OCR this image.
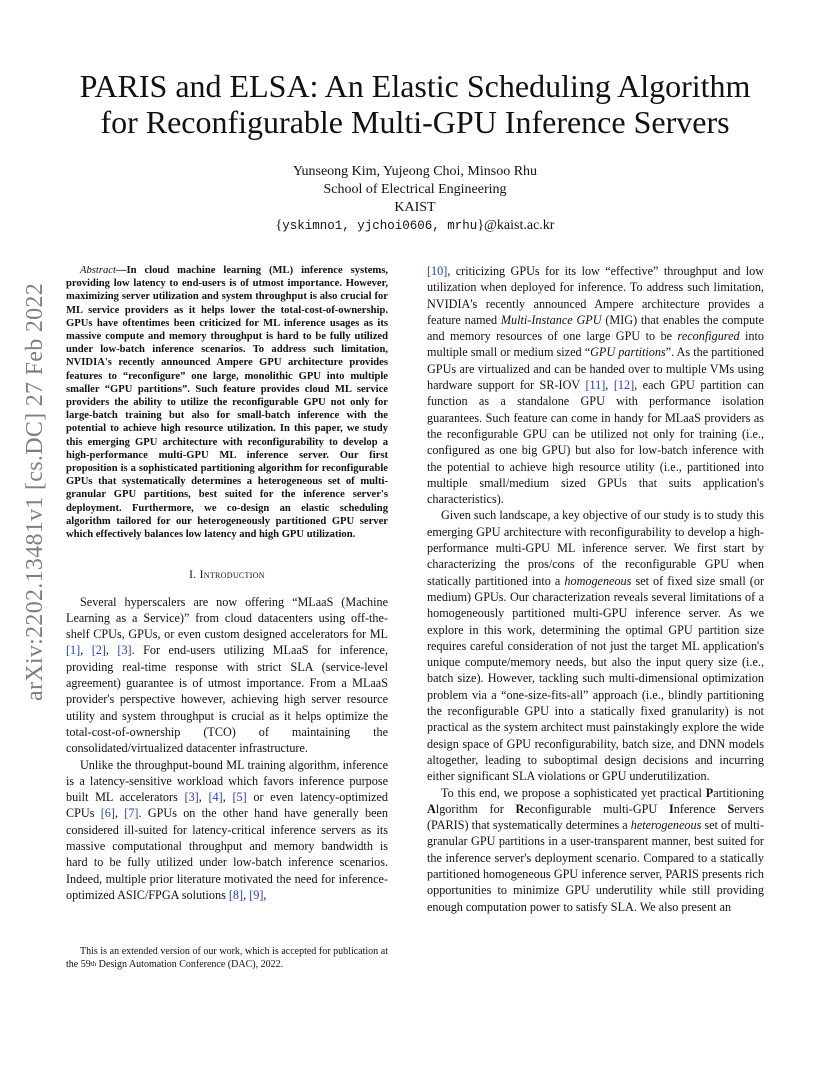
arXiv:2202.13481v1 [cs.DC] 27 Feb 2022
PARIS and ELSA: An Elastic Scheduling Algorithm
for Reconfigurable Multi-GPU Inference Servers
Yunseong Kim, Yujeong Choi, Minsoo Rhu
School of Electrical Engineering
KAIST
{yskimno1, yjchoi0606, mrhu}@kaist.ac.kr

Abstract—In cloud machine learning (ML) inference systems, providing low latency to end-users is of utmost importance. However, maximizing server utilization and system throughput is also crucial for ML service providers as it helps lower the total-cost-of-ownership. GPUs have oftentimes been criticized for ML inference usages as its massive compute and memory throughput is hard to be fully utilized under low-batch inference scenarios. To address such limitation, NVIDIA's recently announced Ampere GPU architecture provides features to “reconfigure” one large, monolithic GPU into multiple smaller “GPU partitions”. Such feature provides cloud ML service providers the ability to utilize the reconfigurable GPU not only for large-batch training but also for small-batch inference with the potential to achieve high resource utilization. In this paper, we study this emerging GPU architecture with reconfigurability to develop a high-performance multi-GPU ML inference server. Our first proposition is a sophisticated partitioning algorithm for reconfigurable GPUs that systematically determines a heterogeneous set of multi-granular GPU partitions, best suited for the inference server's deployment. Furthermore, we co-design an elastic scheduling algorithm tailored for our heterogeneously partitioned GPU server which effectively balances low latency and high GPU utilization.

I. Introduction

Several hyperscalers are now offering “MLaaS (Machine Learning as a Service)” from cloud datacenters using off-the-shelf CPUs, GPUs, or even custom designed accelerators for ML [1], [2], [3]. For end-users utilizing MLaaS for inference, providing real-time response with strict SLA (service-level agreement) guarantee is of utmost importance. From a MLaaS provider's perspective however, achieving high server resource utility and system throughput is crucial as it helps optimize the total-cost-of-ownership (TCO) of maintaining the consolidated/virtualized datacenter infrastructure.

Unlike the throughput-bound ML training algorithm, inference is a latency-sensitive workload which favors inference purpose built ML accelerators [3], [4], [5] or even latency-optimized CPUs [6], [7]. GPUs on the other hand have generally been considered ill-suited for latency-critical inference servers as its massive computational throughput and memory bandwidth is hard to be fully utilized under low-batch inference scenarios. Indeed, multiple prior literature motivated the need for inference-optimized ASIC/FPGA solutions [8], [9],

This is an extended version of our work, which is accepted for publication at the 59th Design Automation Conference (DAC), 2022.

[10], criticizing GPUs for its low “effective” throughput and low utilization when deployed for inference. To address such limitation, NVIDIA's recently announced Ampere architecture provides a feature named Multi-Instance GPU (MIG) that enables the compute and memory resources of one large GPU to be reconfigured into multiple small or medium sized “GPU partitions”. As the partitioned GPUs are virtualized and can be handed over to multiple VMs using hardware support for SR-IOV [11], [12], each GPU partition can function as a standalone GPU with performance isolation guarantees. Such feature can come in handy for MLaaS providers as the reconfigurable GPU can be utilized not only for training (i.e., configured as one big GPU) but also for low-batch inference with the potential to achieve high resource utility (i.e., partitioned into multiple small/medium sized GPUs that suits application's characteristics).

Given such landscape, a key objective of our study is to study this emerging GPU architecture with reconfigurability to develop a high-performance multi-GPU ML inference server. We first start by characterizing the pros/cons of the reconfigurable GPU when statically partitioned into a homogeneous set of fixed size small (or medium) GPUs. Our characterization reveals several limitations of a homogeneously partitioned multi-GPU inference server. As we explore in this work, determining the optimal GPU partition size requires careful consideration of not just the target ML application's unique compute/memory needs, but also the input query size (i.e., batch size). However, tackling such multi-dimensional optimization problem via a “one-size-fits-all” approach (i.e., blindly partitioning the reconfigurable GPU into a statically fixed granularity) is not practical as the system architect must painstakingly explore the wide design space of GPU reconfigurability, batch size, and DNN models altogether, leading to suboptimal design decisions and incurring either significant SLA violations or GPU underutilization.

To this end, we propose a sophisticated yet practical Partitioning Algorithm for Reconfigurable multi-GPU Inference Servers (PARIS) that systematically determines a heterogeneous set of multi-granular GPU partitions in a user-transparent manner, best suited for the inference server's deployment scenario. Compared to a statically partitioned homogeneous GPU inference server, PARIS presents rich opportunities to minimize GPU underutility while still providing enough computation power to satisfy SLA. We also present an
